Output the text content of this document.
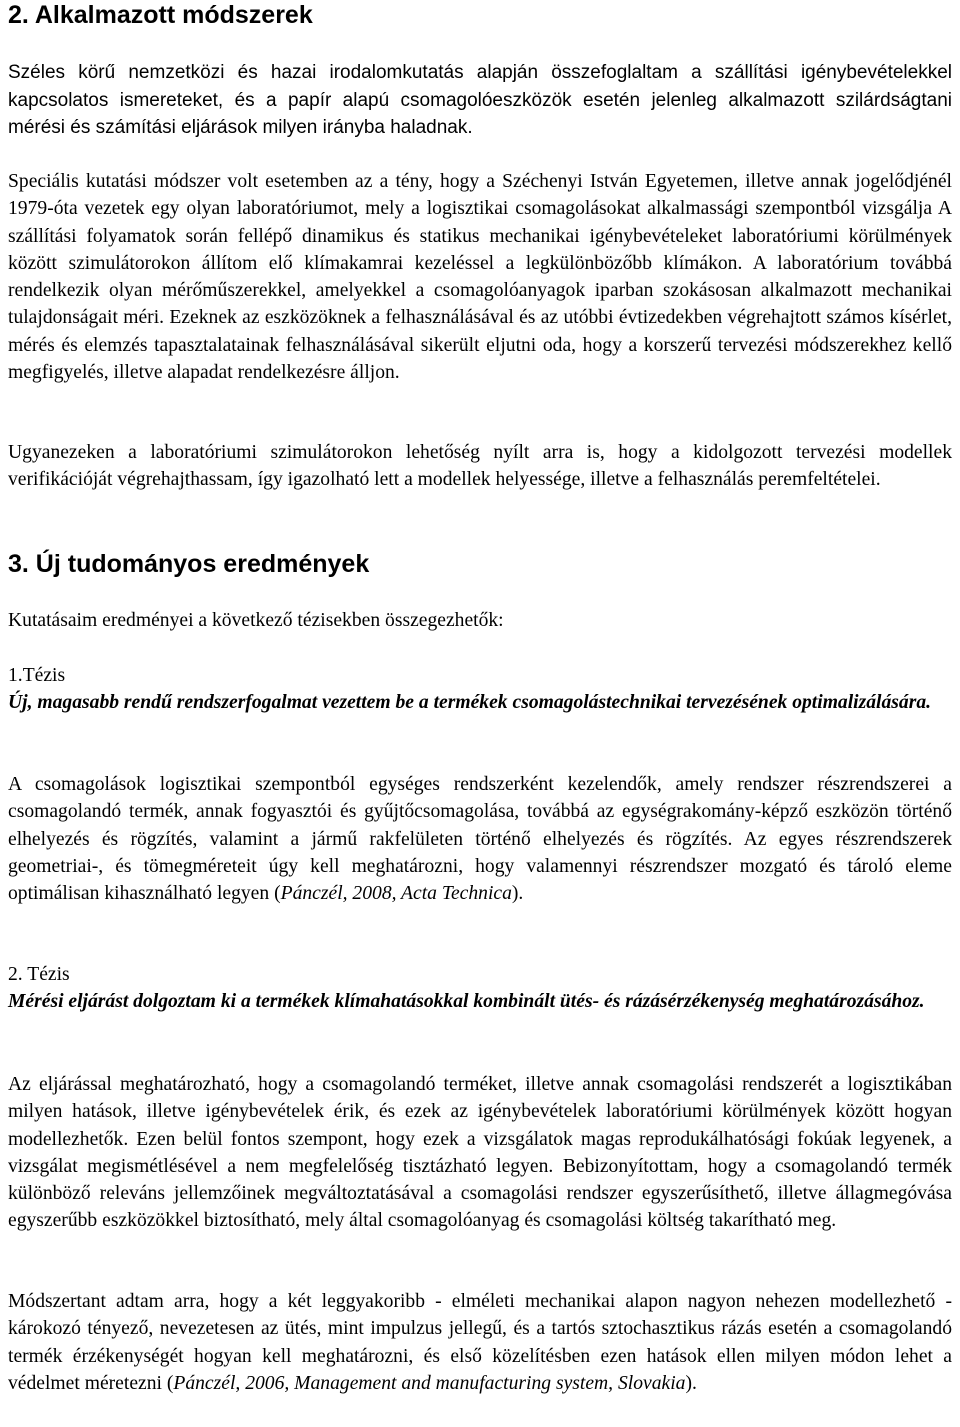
2. Alkalmazott módszerek

Széles körű nemzetközi és hazai irodalomkutatás alapján összefoglaltam a szállítási igénybevételekkel kapcsolatos ismereteket, és a papír alapú csomagolóeszközök esetén jelenleg alkalmazott szilárdságtani mérési és számítási eljárások milyen irányba haladnak.

Speciális kutatási módszer volt esetemben az a tény, hogy a Széchenyi István Egyetemen, illetve annak jogelődjénél 1979-óta vezetek egy olyan laboratóriumot, mely a logisztikai csomagolásokat alkalmassági szempontból vizsgálja A szállítási folyamatok során fellépő dinamikus és statikus mechanikai igénybevételeket laboratóriumi körülmények között szimulátorokon állítom elő klímakamrai kezeléssel a legkülönbözőbb klímákon. A laboratórium továbbá rendelkezik olyan mérőműszerekkel, amelyekkel a csomagolóanyagok iparban szokásosan alkalmazott mechanikai tulajdonságait méri. Ezeknek az eszközöknek a felhasználásával és az utóbbi évtizedekben végrehajtott számos kísérlet, mérés és elemzés tapasztalatainak felhasználásával sikerült eljutni oda, hogy a korszerű tervezési módszerekhez kellő megfigyelés, illetve alapadat rendelkezésre álljon.

Ugyanezeken a laboratóriumi szimulátorokon lehetőség nyílt arra is, hogy a kidolgozott tervezési modellek verifikációját végrehajthassam, így igazolható lett a modellek helyessége, illetve a felhasználás peremfeltételei.

3. Új tudományos eredmények

Kutatásaim eredményei a következő tézisekben összegezhetők:

1.Tézis

Új, magasabb rendű rendszerfogalmat vezettem be a termékek csomagolástechnikai tervezésének optimalizálására.

A csomagolások logisztikai szempontból egységes rendszerként kezelendők, amely rendszer részrendszerei a csomagolandó termék, annak fogyasztói és gyűjtőcsomagolása, továbbá az egységrakomány-képző eszközön történő elhelyezés és rögzítés, valamint a jármű rakfelületen történő elhelyezés és rögzítés. Az egyes részrendszerek geometriai-, és tömegméreteit úgy kell meghatározni, hogy valamennyi részrendszer mozgató és tároló eleme optimálisan kihasználható legyen (Pánczél, 2008, Acta Technica).

2. Tézis

Mérési eljárást dolgoztam ki a termékek klímahatásokkal kombinált ütés- és rázásérzékenység meghatározásához.

Az eljárással meghatározható, hogy a csomagolandó terméket, illetve annak csomagolási rendszerét a logisztikában milyen hatások, illetve igénybevételek érik, és ezek az igénybevételek laboratóriumi körülmények között hogyan modellezhetők. Ezen belül fontos szempont, hogy ezek a vizsgálatok magas reprodukálhatósági fokúak legyenek, a vizsgálat megismétlésével a nem megfelelőség tisztázható legyen. Bebizonyítottam, hogy a csomagolandó termék különböző releváns jellemzőinek megváltoztatásával a csomagolási rendszer egyszerűsíthető, illetve állagmegóvása egyszerűbb eszközökkel biztosítható, mely által csomagolóanyag és csomagolási költség takarítható meg.

Módszertant adtam arra, hogy a két leggyakoribb - elméleti mechanikai alapon nagyon nehezen modellezhető - károkozó tényező, nevezetesen az ütés, mint impulzus jellegű, és a tartós sztochasztikus rázás esetén a csomagolandó termék érzékenységét hogyan kell meghatározni, és első közelítésben ezen hatások ellen milyen módon lehet a védelmet méretezni (Pánczél, 2006, Management and manufacturing system, Slovakia).
